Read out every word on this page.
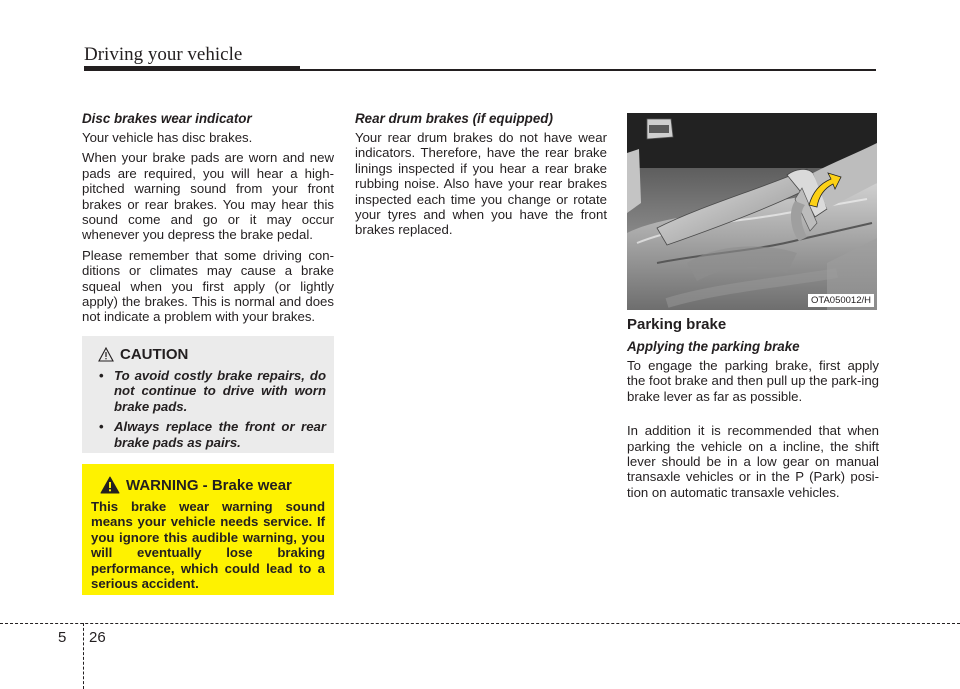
Driving your vehicle

Disc brakes wear indicator

Your vehicle has disc brakes.

When your brake pads are worn and new pads are required, you will hear a high-pitched warning sound from your front brakes or rear brakes. You may hear this sound come and go or it may occur whenever you depress the brake pedal.

Please remember that some driving con-ditions or climates may cause a brake squeal when you first apply (or lightly apply) the brakes. This is normal and does not indicate a problem with your brakes.

CAUTION
• To avoid costly brake repairs, do not continue to drive with worn brake pads.
• Always replace the front or rear brake pads as pairs.
WARNING - Brake wear

This brake wear warning sound means your vehicle needs service. If you ignore this audible warning, you will eventually lose braking performance, which could lead to a serious accident.

Rear drum brakes (if equipped)

Your rear drum brakes do not have wear indicators. Therefore, have the rear brake linings inspected if you hear a rear brake rubbing noise. Also have your rear brakes inspected each time you change or rotate your tyres and when you have the front brakes replaced.

OTA050012/H

Parking brake

Applying the parking brake

To engage the parking brake, first apply the foot brake and then pull up the park-ing brake lever as far as possible.

In addition it is recommended that when parking the vehicle on a incline, the shift lever should be in a low gear on manual transaxle vehicles or in the P (Park) posi-tion on automatic transaxle vehicles.

5 26
